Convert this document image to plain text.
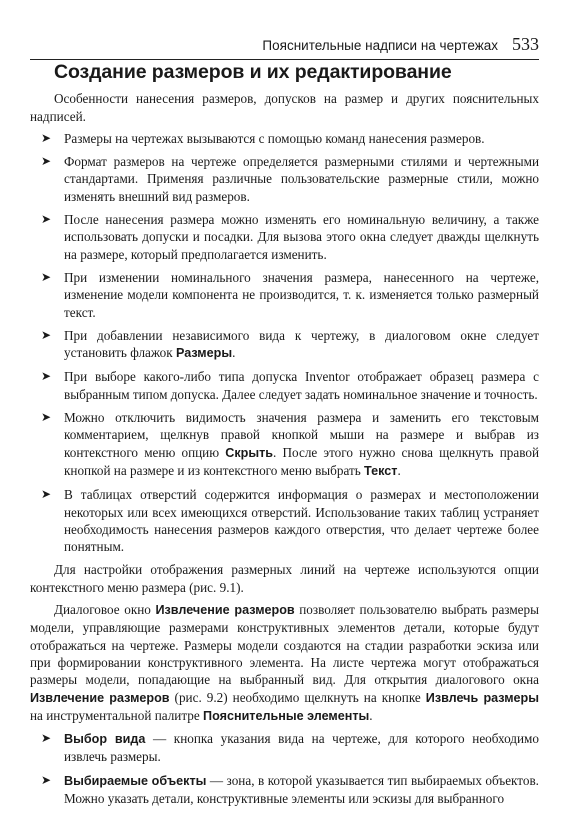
Пояснительные надписи на чертежах 533
Создание размеров и их редактирование

Особенности нанесения размеров, допусков на размер и других пояснительных надписей.

➤ Размеры на чертежах вызываются с помощью команд нанесения размеров.
➤ Формат размеров на чертеже определяется размерными стилями и чертежными стандартами. Применяя различные пользовательские размерные стили, можно изменять внешний вид размеров.
➤ После нанесения размера можно изменять его номинальную величину, а также использовать допуски и посадки. Для вызова этого окна следует дважды щелкнуть на размере, который предполагается изменить.
➤ При изменении номинального значения размера, нанесенного на чертеже, изменение модели компонента не производится, т. к. изменяется только размерный текст.
➤ При добавлении независимого вида к чертежу, в диалоговом окне следует установить флажок Размеры.
➤ При выборе какого-либо типа допуска Inventor отображает образец размера с выбранным типом допуска. Далее следует задать номинальное значение и точность.
➤ Можно отключить видимость значения размера и заменить его текстовым комментарием, щелкнув правой кнопкой мыши на размере и выбрав из контекстного меню опцию Скрыть. После этого нужно снова щелкнуть правой кнопкой на размере и из контекстного меню выбрать Текст.
➤ В таблицах отверстий содержится информация о размерах и местоположении некоторых или всех имеющихся отверстий. Использование таких таблиц устраняет необходимость нанесения размеров каждого отверстия, что делает чертеже более понятным.

Для настройки отображения размерных линий на чертеже используются опции контекстного меню размера (рис. 9.1).

Диалоговое окно Извлечение размеров позволяет пользователю выбрать размеры модели, управляющие размерами конструктивных элементов детали, которые будут отображаться на чертеже. Размеры модели создаются на стадии разработки эскиза или при формировании конструктивного элемента. На листе чертежа могут отображаться размеры модели, попадающие на выбранный вид. Для открытия диалогового окна Извлечение размеров (рис. 9.2) необходимо щелкнуть на кнопке Извлечь размеры на инструментальной палитре Пояснительные элементы.

➤ Выбор вида — кнопка указания вида на чертеже, для которого необходимо извлечь размеры.
➤ Выбираемые объекты — зона, в которой указывается тип выбираемых объектов. Можно указать детали, конструктивные элементы или эскизы для выбранного
